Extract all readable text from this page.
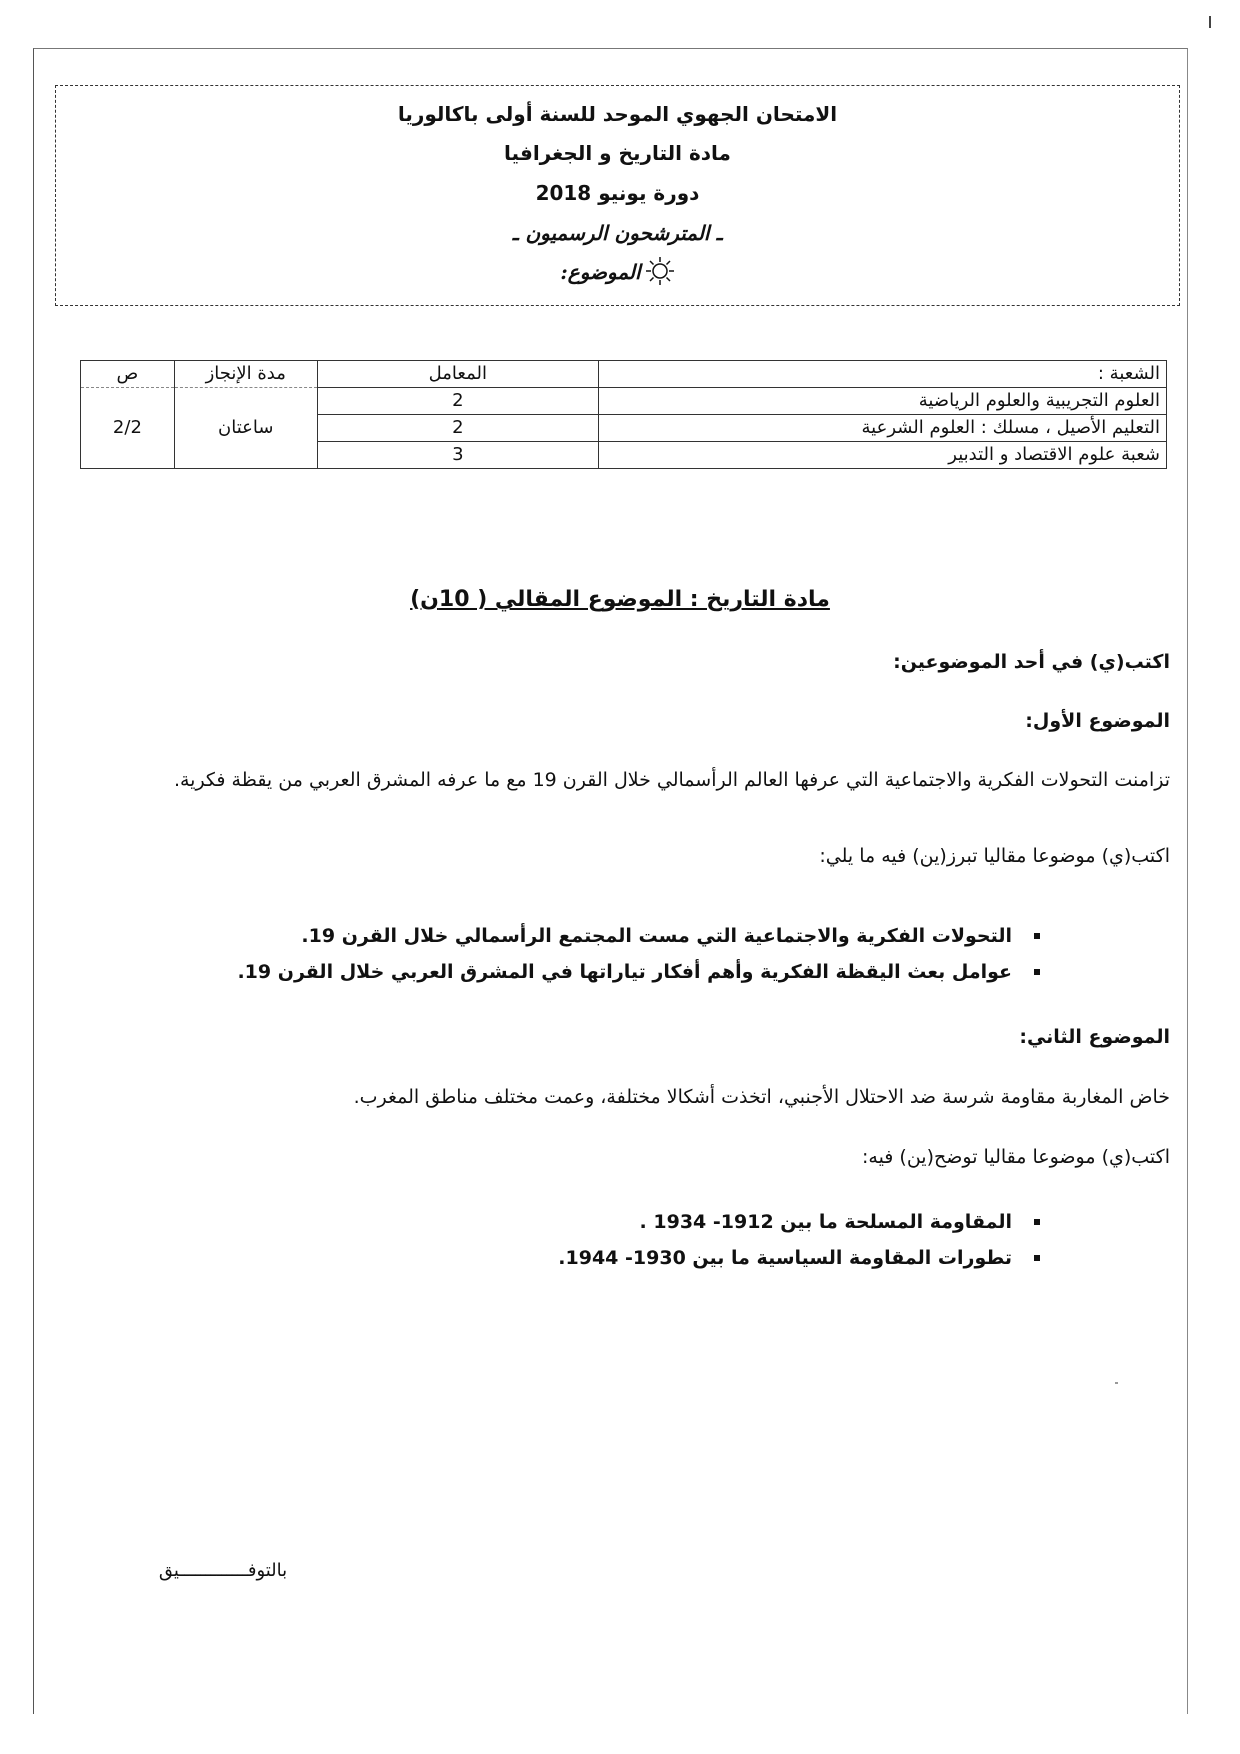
الامتحان الجهوي الموحد للسنة أولى باكالوريا
مادة التاريخ و الجغرافيا
دورة يونيو 2018
ـ المترشحون الرسميون ـ
الموضوع:
الشعبة :	المعامل	مدة الإنجاز	ص
العلوم التجريبية والعلوم الرياضية	2	ساعتان	2/2
التعليم الأصيل ، مسلك : العلوم الشرعية	2		
شعبة علوم الاقتصاد و التدبير	3		
مادة التاريخ : الموضوع المقالي ( 10ن)
اكتب(ي) في أحد الموضوعين:
الموضوع الأول:
تزامنت التحولات الفكرية والاجتماعية التي عرفها العالم الرأسمالي خلال القرن 19 مع ما عرفه المشرق العربي من يقظة فكرية.
اكتب(ي) موضوعا مقاليا تبرز(ين) فيه ما يلي:
التحولات الفكرية والاجتماعية التي مست المجتمع الرأسمالي خلال القرن 19.
عوامل بعث اليقظة الفكرية وأهم أفكار تياراتها في المشرق العربي خلال القرن 19.
الموضوع الثاني:
خاض المغاربة مقاومة شرسة ضد الاحتلال الأجنبي، اتخذت أشكالا مختلفة، وعمت مختلف مناطق المغرب.
اكتب(ي) موضوعا مقاليا توضح(ين) فيه:
المقاومة المسلحة ما بين 1912- 1934 .
تطورات المقاومة السياسية ما بين 1930- 1944.
بالتوفـــــــــــــيق
